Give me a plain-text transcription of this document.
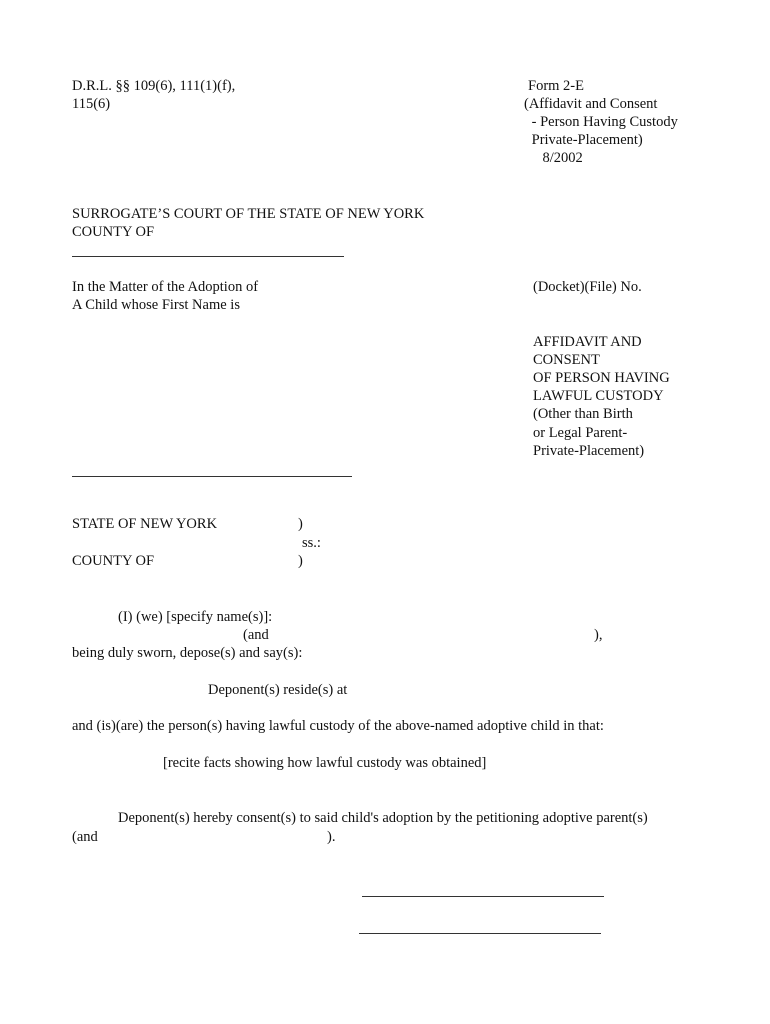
D.R.L. §§ 109(6), 111(1)(f),

115(6)

Form 2-E

(Affidavit and Consent

- Person Having Custody

Private-Placement)

8/2002

SURROGATE’S COURT OF THE STATE OF NEW YORK

COUNTY OF

In the Matter of the Adoption of

A Child whose First Name is

(Docket)(File) No.

AFFIDAVIT AND

CONSENT

OF PERSON HAVING

LAWFUL CUSTODY

(Other than Birth

or Legal Parent-

Private-Placement)

STATE OF NEW YORK	)

ss.:

COUNTY OF	)

(I) (we) [specify name(s)]:

(and	),

being duly sworn, depose(s) and say(s):

Deponent(s) reside(s) at

and (is)(are) the person(s) having lawful custody of the above-named adoptive child in that:

[recite facts showing how lawful custody was obtained]

Deponent(s) hereby consent(s) to said child's adoption by the petitioning adoptive parent(s)

(and	).
